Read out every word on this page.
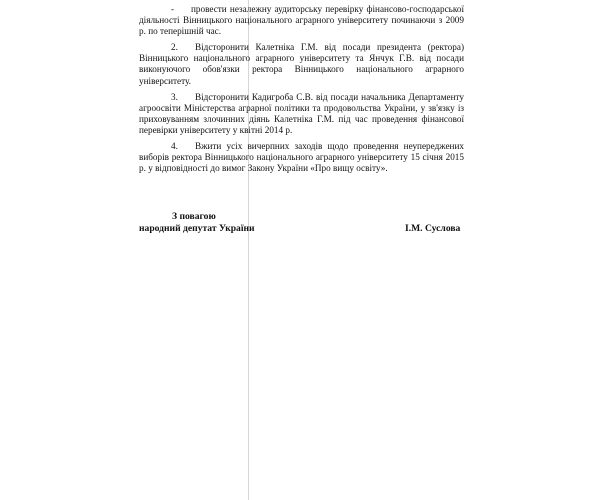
- провести незалежну аудиторську перевірку фінансово-господарської діяльності Вінницького національного аграрного університету починаючи з 2009 р. по теперішній час.

2. Відсторонити Калетніка Г.М. від посади президента (ректора) Вінницького національного аграрного університету та Янчук Г.В. від посади виконуючого обов'язки ректора Вінницького національного аграрного університету.

3. Відсторонити Кадигроба С.В. від посади начальника Департаменту агроосвіти Міністерства аграрної політики та продовольства України, у зв'язку із приховуванням злочинних діянь Калетніка Г.М. під час проведення фінансової перевірки університету у квітні 2014 р.

4. Вжити усіх вичерпних заходів щодо проведення неупереджених виборів ректора Вінницького національного аграрного університету 15 січня 2015 р. у відповідності до вимог Закону України «Про вищу освіту».

З повагою
народний депутат України	І.М. Суслова
